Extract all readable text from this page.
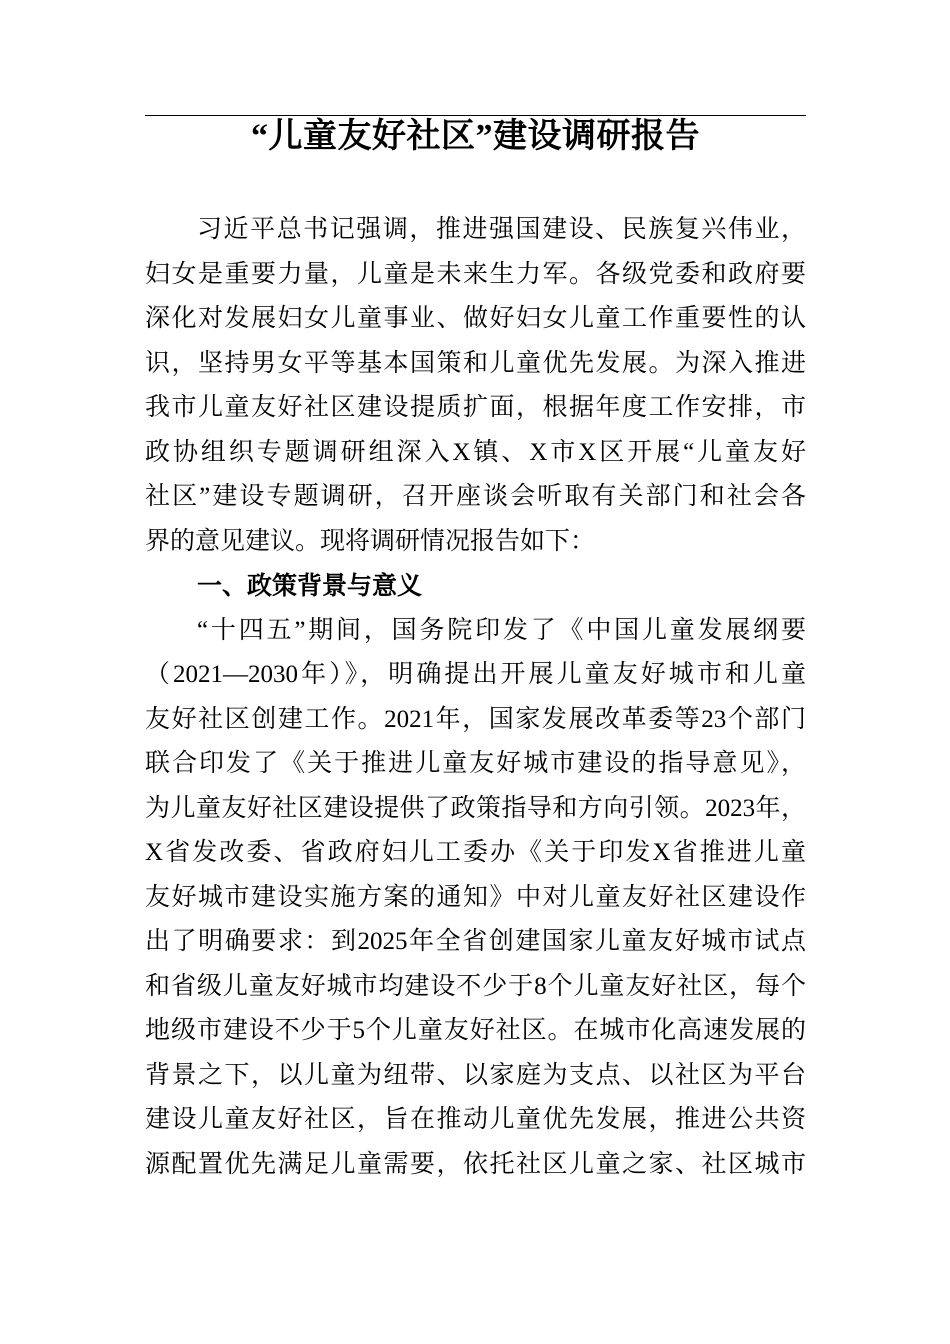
“儿童友好社区”建设调研报告
习近平总书记强调，推进强国建设、民族复兴伟业，
妇女是重要力量，儿童是未来生力军。各级党委和政府要
深化对发展妇女儿童事业、做好妇女儿童工作重要性的认
识，坚持男女平等基本国策和儿童优先发展。为深入推进
我市儿童友好社区建设提质扩面，根据年度工作安排，市
政协组织专题调研组深入X镇、X市X区开展“儿童友好
社区”建设专题调研，召开座谈会听取有关部门和社会各
界的意见建议。现将调研情况报告如下：
一、政策背景与意义
“十四五”期间，国务院印发了《中国儿童发展纲要
（2021—2030年）》，明确提出开展儿童友好城市和儿童
友好社区创建工作。2021年，国家发展改革委等23个部门
联合印发了《关于推进儿童友好城市建设的指导意见》，
为儿童友好社区建设提供了政策指导和方向引领。2023年，
X省发改委、省政府妇儿工委办《关于印发X省推进儿童
友好城市建设实施方案的通知》中对儿童友好社区建设作
出了明确要求：到2025年全省创建国家儿童友好城市试点
和省级儿童友好城市均建设不少于8个儿童友好社区，每个
地级市建设不少于5个儿童友好社区。在城市化高速发展的
背景之下，以儿童为纽带、以家庭为支点、以社区为平台
建设儿童友好社区，旨在推动儿童优先发展，推进公共资
源配置优先满足儿童需要，依托社区儿童之家、社区城市
